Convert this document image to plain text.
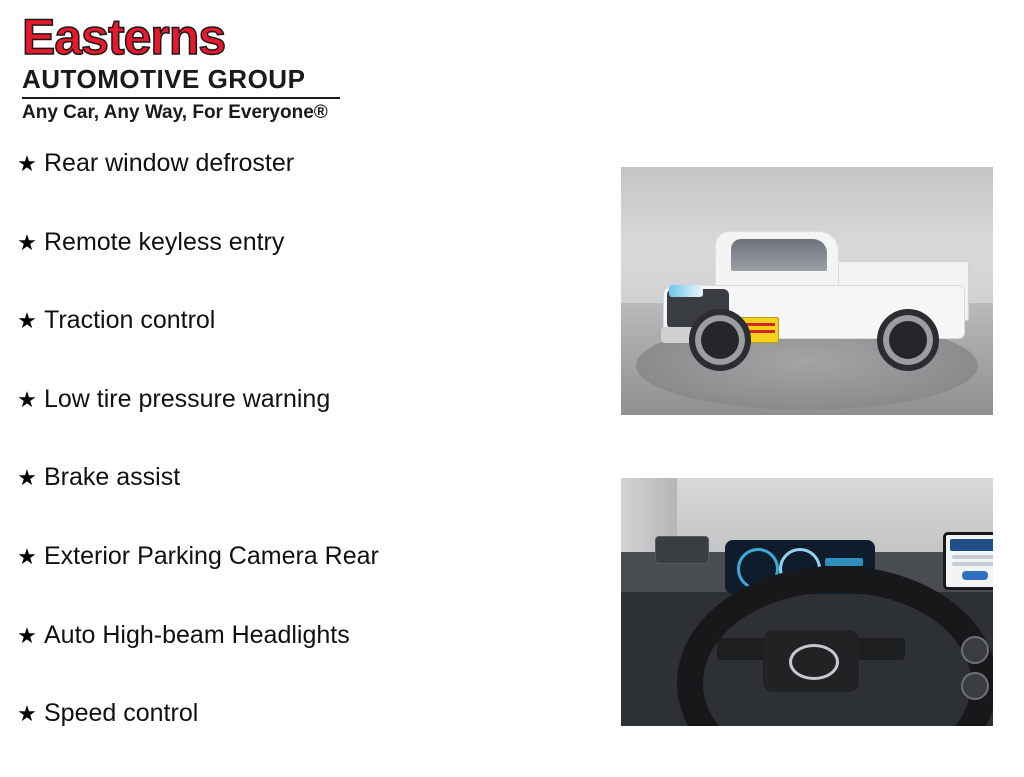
Easterns
AUTOMOTIVE GROUP
Any Car, Any Way, For Everyone®
★ Rear window defroster
★ Remote keyless entry
★ Traction control
★ Low tire pressure warning
★ Brake assist
★ Exterior Parking Camera Rear
★ Auto High-beam Headlights
★ Speed control
